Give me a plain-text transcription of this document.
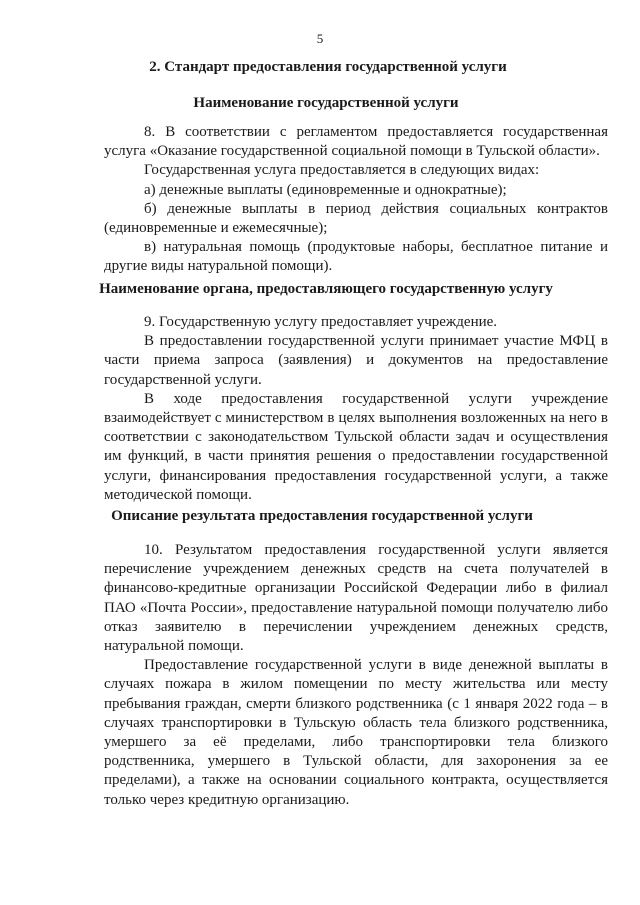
5
2. Стандарт предоставления государственной услуги
Наименование государственной услуги

8. В соответствии с регламентом предоставляется государственная услуга «Оказание государственной социальной помощи в Тульской области».

Государственная услуга предоставляется в следующих видах:

а) денежные выплаты (единовременные и однократные);

б) денежные выплаты в период действия социальных контрактов (единовременные и ежемесячные);

в) натуральная помощь (продуктовые наборы, бесплатное питание и другие виды натуральной помощи).

Наименование органа, предоставляющего государственную услугу

9. Государственную услугу предоставляет учреждение.

В предоставлении государственной услуги принимает участие МФЦ в части приема запроса (заявления) и документов на предоставление государственной услуги.

В ходе предоставления государственной услуги учреждение взаимодействует с министерством в целях выполнения возложенных на него в соответствии с законодательством Тульской области задач и осуществления им функций, в части принятия решения о предоставлении государственной услуги, финансирования предоставления государственной услуги, а также методической помощи.

Описание результата предоставления государственной услуги

10. Результатом предоставления государственной услуги является перечисление учреждением денежных средств на счета получателей в финансово-кредитные организации Российской Федерации либо в филиал ПАО «Почта России», предоставление натуральной помощи получателю либо отказ заявителю в перечислении учреждением денежных средств, натуральной помощи.

Предоставление государственной услуги в виде денежной выплаты в случаях пожара в жилом помещении по месту жительства или месту пребывания граждан, смерти близкого родственника (с 1 января 2022 года – в случаях транспортировки в Тульскую область тела близкого родственника, умершего за её пределами, либо транспортировки тела близкого родственника, умершего в Тульской области, для захоронения за ее пределами), а также на основании социального контракта, осуществляется только через кредитную организацию.
